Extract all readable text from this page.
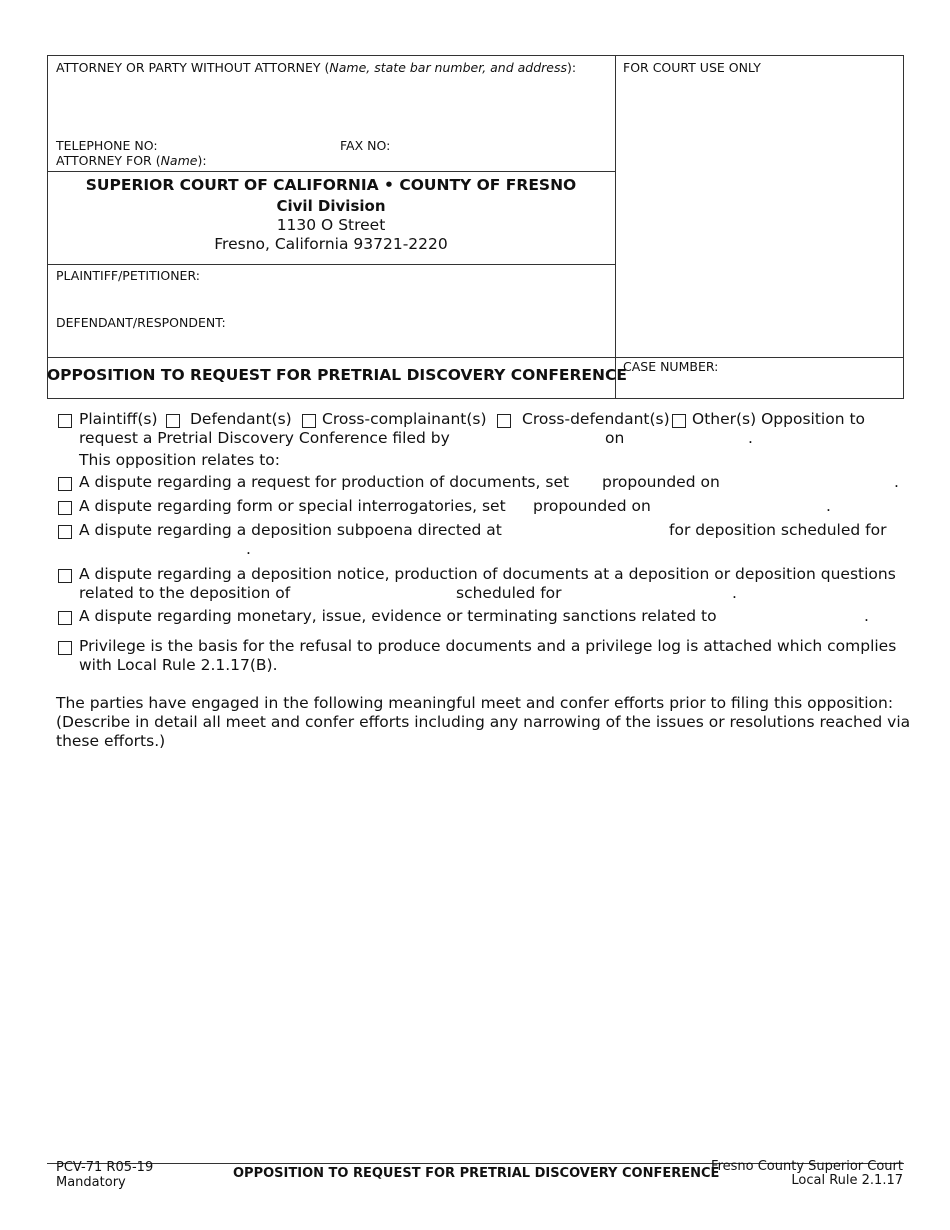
ATTORNEY OR PARTY WITHOUT ATTORNEY (Name, state bar number, and address):	FOR COURT USE ONLY
TELEPHONE NO:	FAX NO:
ATTORNEY FOR (Name):
SUPERIOR COURT OF CALIFORNIA • COUNTY OF FRESNO
Civil Division
1130 O Street
Fresno, California 93721-2220
PLAINTIFF/PETITIONER:
DEFENDANT/RESPONDENT:
OPPOSITION TO REQUEST FOR PRETRIAL DISCOVERY CONFERENCE
CASE NUMBER:
Plaintiff(s) Defendant(s) Cross-complainant(s) Cross-defendant(s) Other(s) Opposition to
request a Pretrial Discovery Conference filed by	on	.
This opposition relates to:
A dispute regarding a request for production of documents, set propounded on	.
A dispute regarding form or special interrogatories, set propounded on	.
A dispute regarding a deposition subpoena directed at	for deposition scheduled for
.
A dispute regarding a deposition notice, production of documents at a deposition or deposition questions
related to the deposition of	scheduled for	.
A dispute regarding monetary, issue, evidence or terminating sanctions related to	.
Privilege is the basis for the refusal to produce documents and a privilege log is attached which complies
with Local Rule 2.1.17(B).
The parties have engaged in the following meaningful meet and confer efforts prior to filing this opposition:
(Describe in detail all meet and confer efforts including any narrowing of the issues or resolutions reached via
these efforts.)
PCV-71 R05-19
Mandatory
OPPOSITION TO REQUEST FOR PRETRIAL DISCOVERY CONFERENCE
Fresno County Superior Court
Local Rule 2.1.17
